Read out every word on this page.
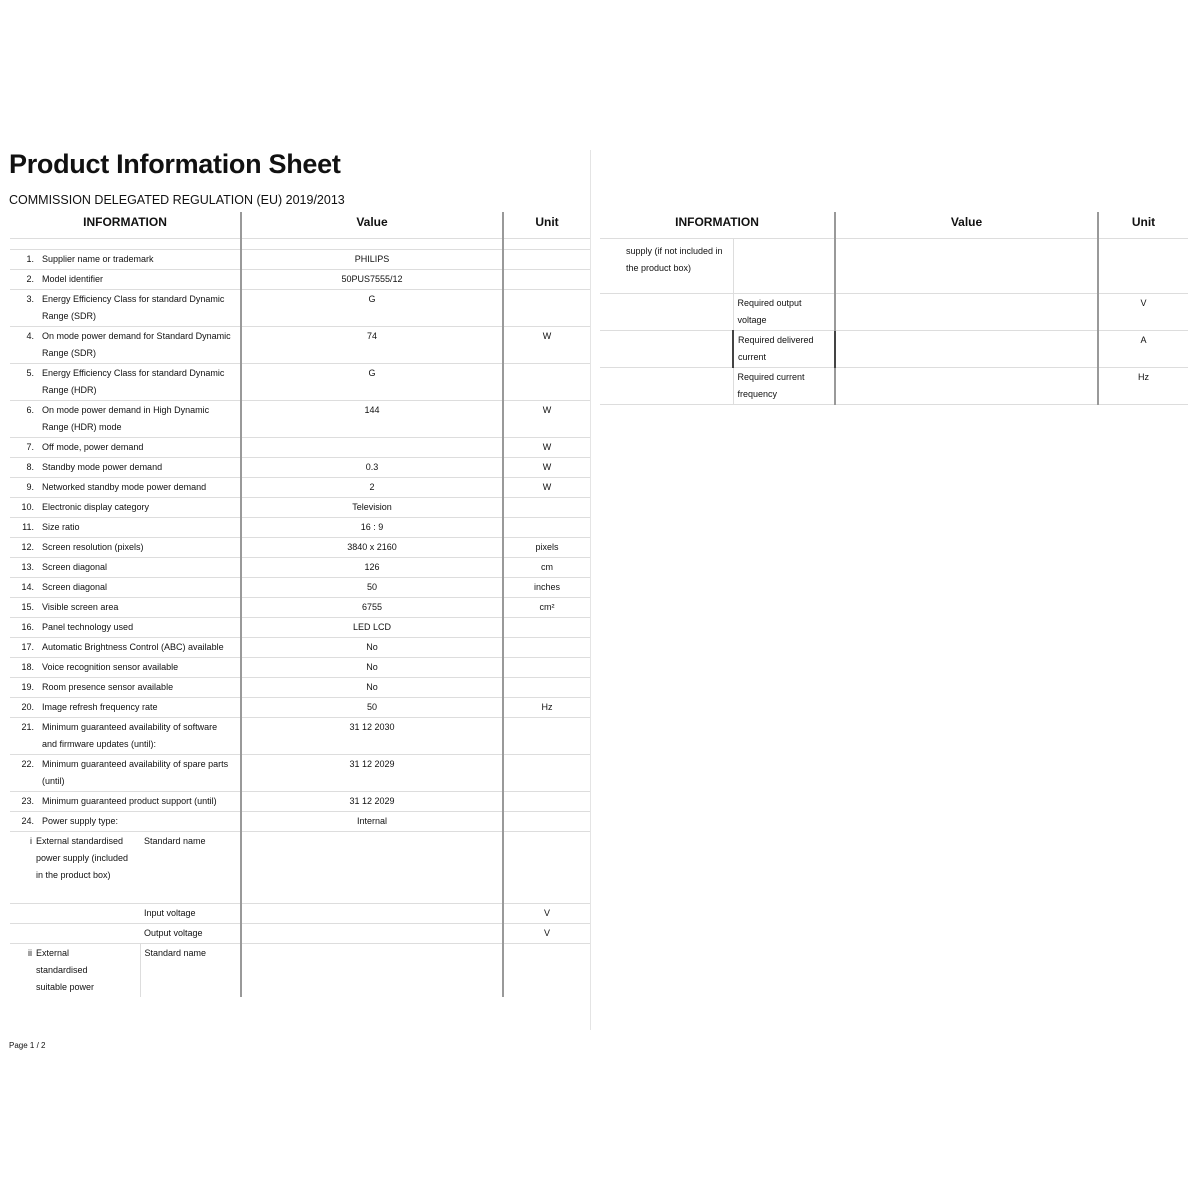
Product Information Sheet
COMMISSION DELEGATED REGULATION (EU) 2019/2013
INFORMATION		Value	Unit

1. Supplier name or trademark		PHILIPS	
2. Model identifier		50PUS7555/12	
3. Energy Efficiency Class for standard Dynamic Range (SDR)		G	
4. On mode power demand for Standard Dynamic Range (SDR)		74	W
5. Energy Efficiency Class for standard Dynamic Range (HDR)		G	
6. On mode power demand in High Dynamic Range (HDR) mode		144	W
7. Off mode, power demand			W
8. Standby mode power demand		0.3	W
9. Networked standby mode power demand		2	W
10. Electronic display category		Television	
11. Size ratio		16 : 9	
12. Screen resolution (pixels)		3840 x 2160	pixels
13. Screen diagonal		126	cm
14. Screen diagonal		50	inches
15. Visible screen area		6755	cm²
16. Panel technology used		LED LCD	
17. Automatic Brightness Control (ABC) available		No	
18. Voice recognition sensor available		No	
19. Room presence sensor available		No	
20. Image refresh frequency rate		50	Hz
21. Minimum guaranteed availability of software and firmware updates (until):		31 12 2030	
22. Minimum guaranteed availability of spare parts (until)		31 12 2029	
23. Minimum guaranteed product support (until)		31 12 2029	
24. Power supply type:		Internal	
i External standardised power supply (included in the product box)	Standard name		
	Input voltage		V
	Output voltage		V
ii External standardised suitable power	Standard name		
INFORMATION		Value	Unit
supply (if not included in the product box)			
	Required output voltage		V
	Required delivered current		A
	Required current frequency		Hz
Page 1 / 2
